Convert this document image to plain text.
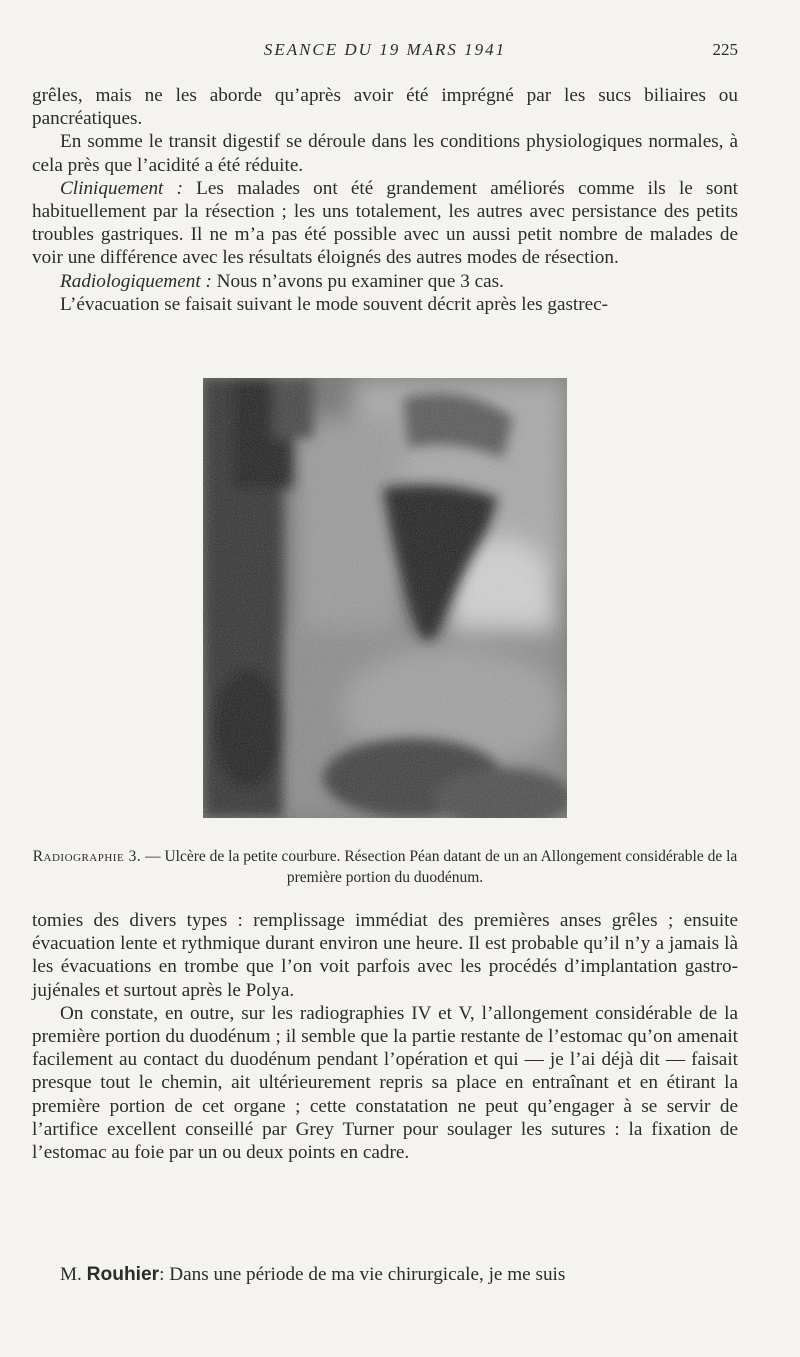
SEANCE DU 19 MARS 1941	225

grêles, mais ne les aborde qu’après avoir été imprégné par les sucs biliaires ou pancréatiques.

En somme le transit digestif se déroule dans les conditions physiologiques normales, à cela près que l’acidité a été réduite.

Cliniquement : Les malades ont été grandement améliorés comme ils le sont habituellement par la résection ; les uns totalement, les autres avec persistance des petits troubles gastriques. Il ne m’a pas été possible avec un aussi petit nombre de malades de voir une différence avec les résultats éloignés des autres modes de résection.

Radiologiquement : Nous n’avons pu examiner que 3 cas.

L’évacuation se faisait suivant le mode souvent décrit après les gastrec-

Radiographie 3. — Ulcère de la petite courbure. Résection Péan datant de un an Allongement considérable de la première portion du duodénum.

tomies des divers types : remplissage immédiat des premières anses grêles ; ensuite évacuation lente et rythmique durant environ une heure. Il est probable qu’il n’y a jamais là les évacuations en trombe que l’on voit parfois avec les procédés d’implantation gastro-jujénales et surtout après le Polya.

On constate, en outre, sur les radiographies IV et V, l’allongement considérable de la première portion du duodénum ; il semble que la partie restante de l’estomac qu’on amenait facilement au contact du duodénum pendant l’opération et qui — je l’ai déjà dit — faisait presque tout le chemin, ait ultérieurement repris sa place en entraînant et en étirant la première portion de cet organe ; cette constatation ne peut qu’engager à se servir de l’artifice excellent conseillé par Grey Turner pour soulager les sutures : la fixation de l’estomac au foie par un ou deux points en cadre.

M. Rouhier: Dans une période de ma vie chirurgicale, je me suis
